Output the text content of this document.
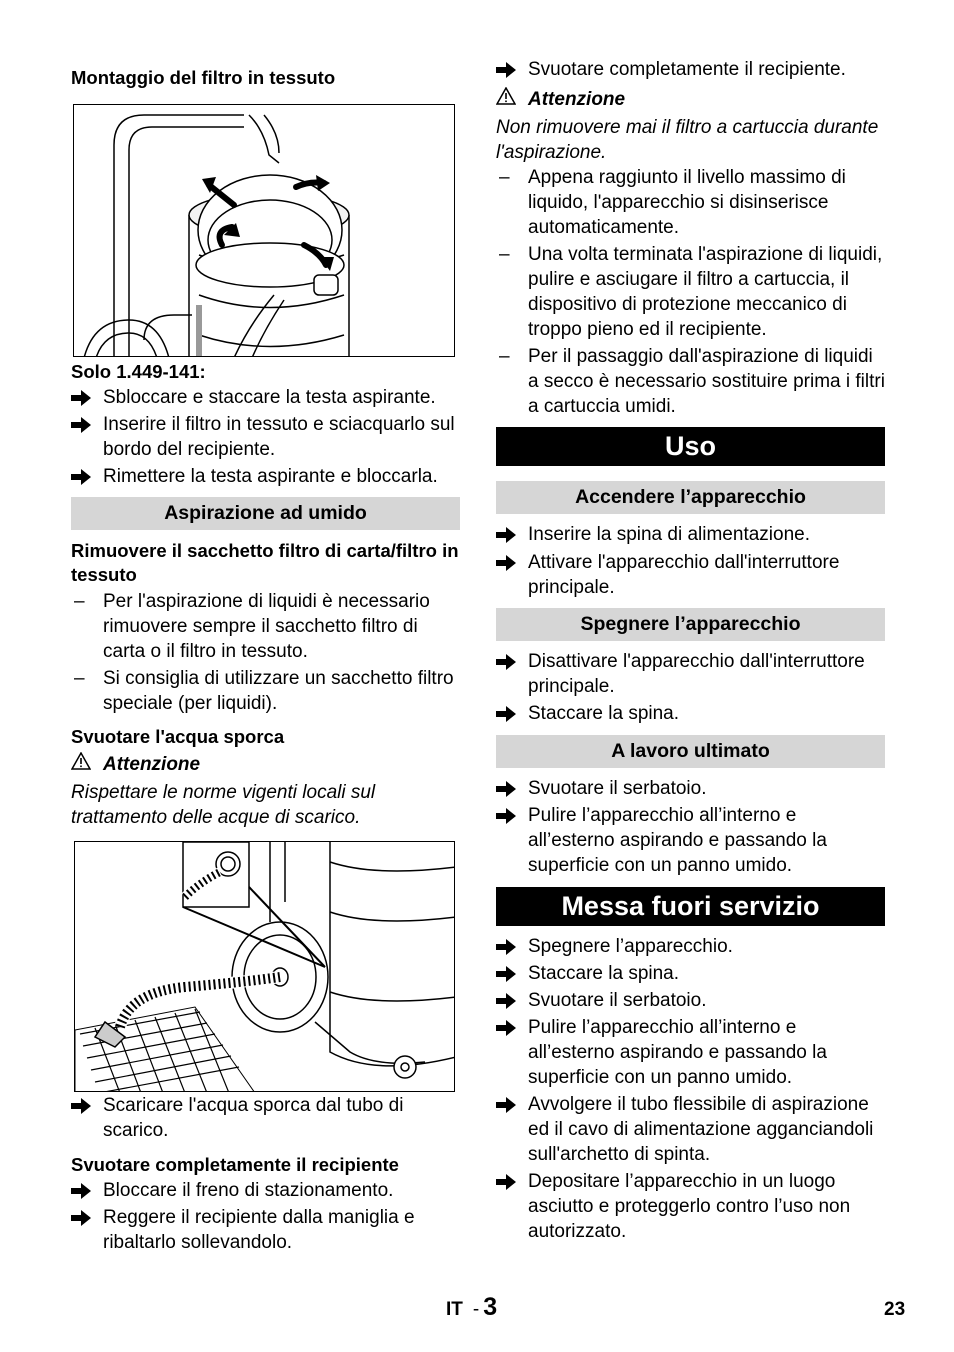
Montaggio del filtro in tessuto
Solo 1.449-141:
Sbloccare e staccare la testa aspirante.
Inserire il filtro in tessuto e sciacquarlo sul bordo del recipiente.
Rimettere la testa aspirante e bloccarla.
Aspirazione ad umido
Rimuovere il sacchetto filtro di carta/filtro in tessuto
– Per l'aspirazione di liquidi è necessario rimuovere sempre il sacchetto filtro di carta o il filtro in tessuto.
– Si consiglia di utilizzare un sacchetto filtro speciale (per liquidi).
Svuotare l'acqua sporca
Attenzione
Rispettare le norme vigenti locali sul trattamento delle acque di scarico.
Scaricare l'acqua sporca dal tubo di scarico.
Svuotare completamente il recipiente
Bloccare il freno di stazionamento.
Reggere il recipiente dalla maniglia e ribaltarlo sollevandolo.
Svuotare completamente il recipiente.
Attenzione
Non rimuovere mai il filtro a cartuccia durante l'aspirazione.
– Appena raggiunto il livello massimo di liquido, l'apparecchio si disinserisce automaticamente.
– Una volta terminata l'aspirazione di liquidi, pulire e asciugare il filtro a cartuccia, il dispositivo di protezione meccanico di troppo pieno ed il recipiente.
– Per il passaggio dall'aspirazione di liquidi a secco è necessario sostituire prima i filtri a cartuccia umidi.
Uso
Accendere l’apparecchio
Inserire la spina di alimentazione.
Attivare l'apparecchio dall'interruttore principale.
Spegnere l’apparecchio
Disattivare l'apparecchio dall'interruttore principale.
Staccare la spina.
A lavoro ultimato
Svuotare il serbatoio.
Pulire l’apparecchio all’interno e all’esterno aspirando e passando la superficie con un panno umido.
Messa fuori servizio
Spegnere l’apparecchio.
Staccare la spina.
Svuotare il serbatoio.
Pulire l’apparecchio all’interno e all’esterno aspirando e passando la superficie con un panno umido.
Avvolgere il tubo flessibile di aspirazione ed il cavo di alimentazione agganciandoli sull'archetto di spinta.
Depositare l’apparecchio in un luogo asciutto e proteggerlo contro l’uso non autorizzato.
IT - 3	23
